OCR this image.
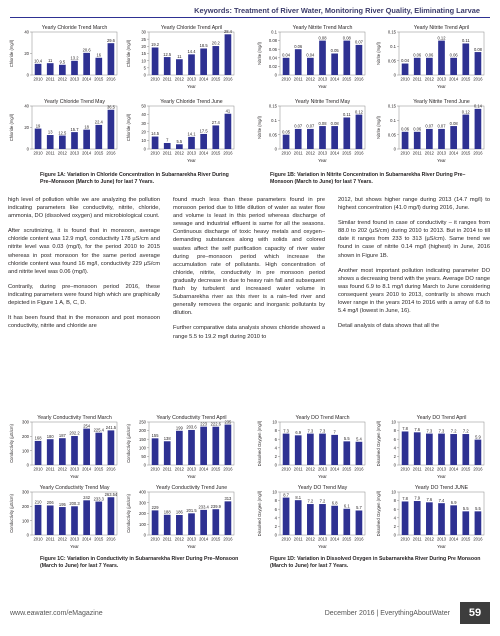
Keywords: Treatment of River Water, Monitoring River Quality, Eliminating Larvae
Yearly Chloride Trend March
0
20
40
Chloride (mg/l)	10.4
2010
11
2011
9.5
2012
13.2
2013
20.6
2014
16
2015
29.6
2016
Yearly Chloride Trend April
0
5
10
15
20
25
30
Chloride (mg/l)	19.2
2010
12.5
2011
11
2012
14.4
2013
18.5
2014
20.2
2015
28.4
2016
Year
Yearly Chloride Trend May
0
20
40
Chloride (mg/l)	19
2010
13
2011
12.5
2012
15.7
2013
18
2014
22.4
2015
36.5
2016
Yearly Chloride Trend June
0
10
20
30
40
50
Chloride (mg/l)	14.5
2010
7
2011
5.5
2012
14.1
2013
17.5
2014
27.4
2015
41
2016
Year
Figure 1A: Variation in Chloride Concentration in Subarnarekha River During Pre–Monsoon (March to June) for last 7 Years.
Yearly Nitrite Trend March
0
0.02
0.04
0.06
0.08
0.1
Nitrite (mg/l)	0.04
2010
0.06
2011
0.04
2012
0.08
2013
0.05
2014
0.08
2015
0.07
2016
Year
Yearly Nitrite Trend April
0
0.05
0.1
0.15
Nitrite (mg/l)	0.04
2010
0.06
2011
0.06
2012
0.12
2013
0.06
2014
0.11
2015
0.08
2016
Year
Yearly Nitrite Trend May
0
0.05
0.1
0.15
Nitrite (mg/l)	0.05
2010
0.07
2011
0.07
2012
0.08
2013
0.08
2014
0.11
2015
0.12
2016
Year
Yearly Nitrite Trend June
0
0.05
0.1
0.15
Nitrite (mg/l)	0.06
2010
0.06
2011
0.07
2012
0.07
2013
0.08
2014
0.12
2015
0.14
2016
Year
Figure 1B: Variation in Nitrite Concentration in Subarnarekha River During Pre–Monsoon (March to June) for last 7 Years.

high level of pollution while we are analyzing the pollution indicating parameters like conductivity, nitrite, chloride, ammonia, DO (dissolved oxygen) and microbiological count.

After scrutinizing, it is found that in monsoon, average chloride content was 12.9 mg/l, conductivity 178 µS/cm and nitrite level was 0.03 (mg/l), for the period 2010 to 2015 whereas in post monsoon for the same period average chloride content was found 16 mg/l, conductivity 229 µS/cm and nitrite level was 0.06 (mg/l).

Contrarily, during pre–monsoon period 2016, these indicating parameters were found high which are graphically depicted in Figure 1 A, B, C, D.

It has been found that in the monsoon and post monsoon conductivity, nitrite and chloride are

found much less than these parameters found in pre monsoon period due to little dilution of water as water flow and volume is least in this period whereas discharge of sewage and industrial effluent is same for all the seasons. Continuous discharge of toxic heavy metals and oxygen–demanding substances along with solids and colored wastes affect the self purification capacity of river water during pre–monsoon period which increase the accumulation rate of pollutants. High concentration of chloride, nitrite, conductivity in pre monsoon period gradually decrease in due to heavy rain fall and subsequent flush by turbulent and increased water volume in Subarnarekha river as this river is a rain–fed river and generally removes the organic and inorganic pollutants by dilution.

Further comparative data analysis shows chloride showed a range 5.5 to 19.2 mg/l during 2010 to

2012, but shows higher range during 2013 (14.7 mg/l) to highest concentration (41.0 mg/l) during 2016, June.

Similar trend found in case of conductivity – it ranges from 88.0 to 202 (µS/cm) during 2010 to 2013. But in 2014 to till date it ranges from 233 to 313 (µS/cm). Same trend we found in case of nitrite 0.14 mg/l (highest) in June, 2016 shown in Figure 1B.

Another most important pollution indicating parameter DO shows a decreasing trend with the years. Average DO range was found 6.9 to 8.1 mg/l during March to June considering consequent years 2010 to 2013, contrarily is shows much lower range in the years 2014 to 2016 with a array of 6.8 to 5.4 mg/l (lowest in June, 16).

Detail analysis of data shows that all the

Yearly Conductivity Trend March
0
100
200
300
Conductivity (µS/cm)	168
2010
180
2011
187
2012
202.2
2013
254
2014
225.4
2015
241.5
2016
Year
Yearly Conductivity Trend April
0
50
100
150
200
250
Conductivity (µS/cm)	155
2010
138
2011
199
2012
203.6
2013
223
2014
222.6
2015
235
2016
Year
Yearly Conductivity Trend May
0
100
200
300
Conductivity (µS/cm)	210
2010
206
2011
195
2012
200.3
2013
242
2014
233.3
2015
263.54
2016
Year
Yearly Conductivity Trend June
0
100
200
300
400
Conductivity (µS/cm)	229
2010
188
2011
186
2012
201.5
2013
233.4
2014
239.9
2015
313
2016
Year
Figure 1C: Variation in Conductivity in Subarnarekha River During Pre–Monsoon (March to June) for last 7 Years.
Yearly DO Trend March
0
2
4
6
8
10
Dissolved Oxygen (mg/l)	7.3
2010
6.9
2011
7.3
2012
7.3
2013
7
2014
5.5
2015
5.4
2016
Year
Yearly DO Trend April
0
2
4
6
8
10
Dissolved Oxygen (mg/l)	7.8
2010
7.6
2011
7.3
2012
7.3
2013
7.2
2014
7.2
2015
5.9
2016
Year
Yearly DO Trend May
0
2
4
6
8
10
Dissolved Oxygen (mg/l)	8.7
2010
8.1
2011
7.2
2012
7.2
2013
6.8
2014
6.1
2015
5.7
2016
Year
Yearly DO Trend JUNE
0
2
4
6
8
10
Dissolved Oxygen (mg/l)	7.8
2010
7.9
2011
7.6
2012
7.4
2013
6.9
2014
5.5
2015
5.5
2016
Year
Figure 1D: Variation in Dissolved Oxygen in Subarnarekha River During Pre Monsoon (March to June) for last 7 Years.
www.eawater.com/eMagazine	December 2016 | EverythingAboutWater	59
